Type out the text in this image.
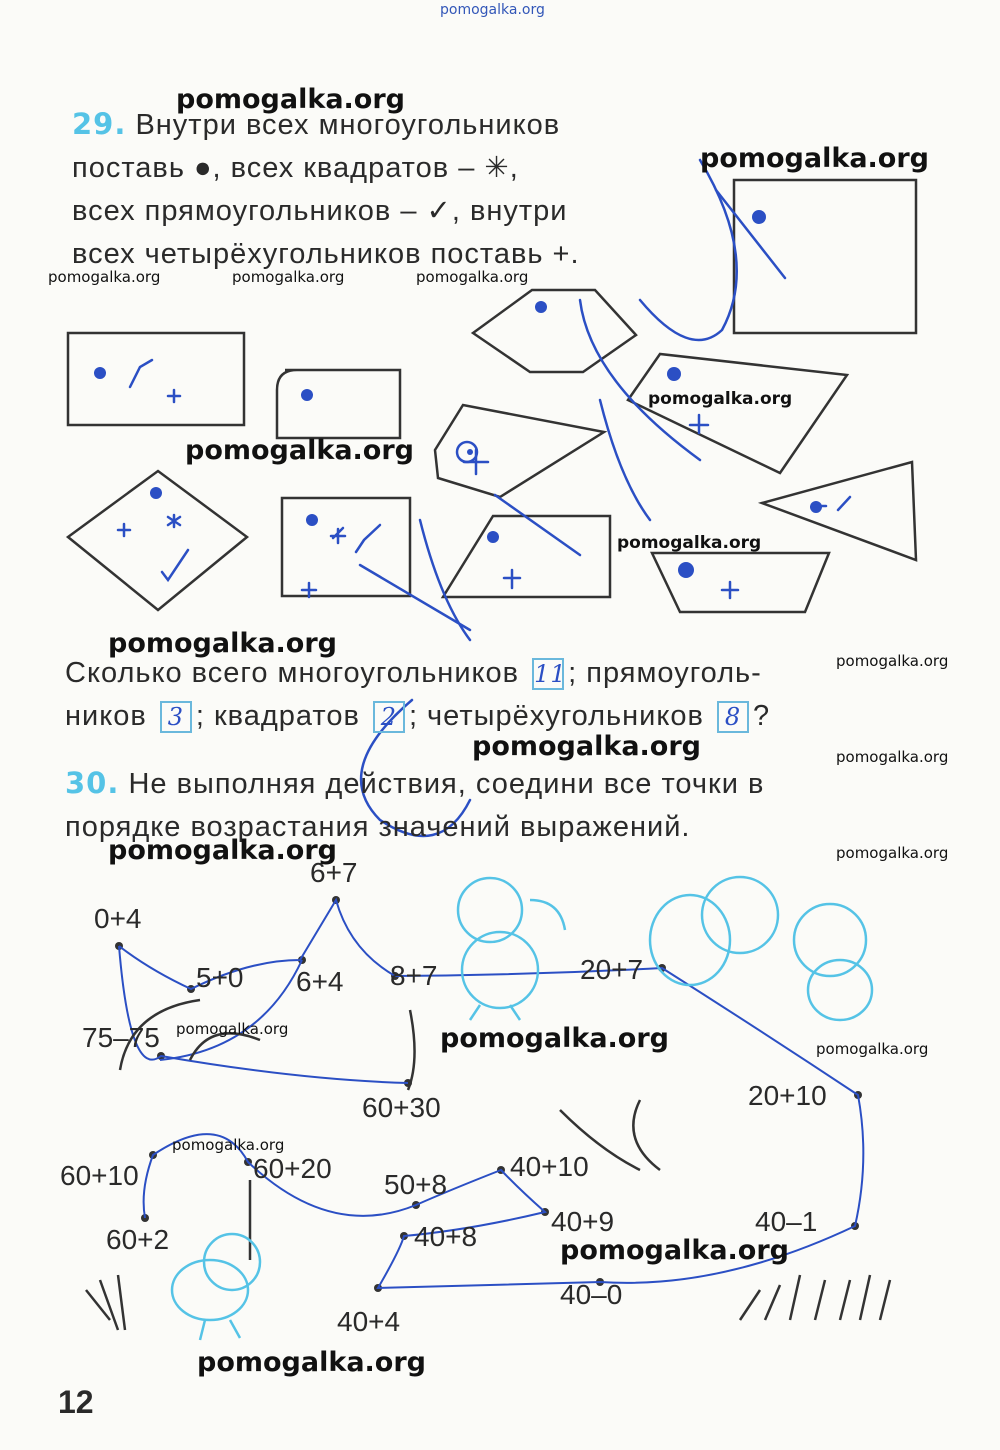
pomogalka.org
29. Внутри всех многоугольников
поставь ●, всех квадратов – ✳,
всех прямоугольников – ✓, внутри
всех четырёхугольников поставь +.
Сколько всего многоугольников 11; прямоуголь-
ников 3 ; квадратов 2 ; четырёхугольников 8 ?
30. Не выполняя действия, соедини все точки в
порядке возрастания значений выражений.
0+4
5+0
6+7
6+4 8+7	20+7
75–75
60+30	20+10
60+10	60+20
50+8
40+10
60+2	40+8	40+9	40–1
40–0
40+4
pomogalka.org
pomogalka.org
pomogalka.org
pomogalka.org
pomogalka.org
pomogalka.org
pomogalka.org
pomogalka.org
pomogalka.org
pomogalka.org	pomogalka.org	pomogalka.org
pomogalka.org
pomogalka.org
pomogalka.org
pomogalka.org
pomogalka.org
pomogalka.org
pomogalka.org
pomogalka.org
12
